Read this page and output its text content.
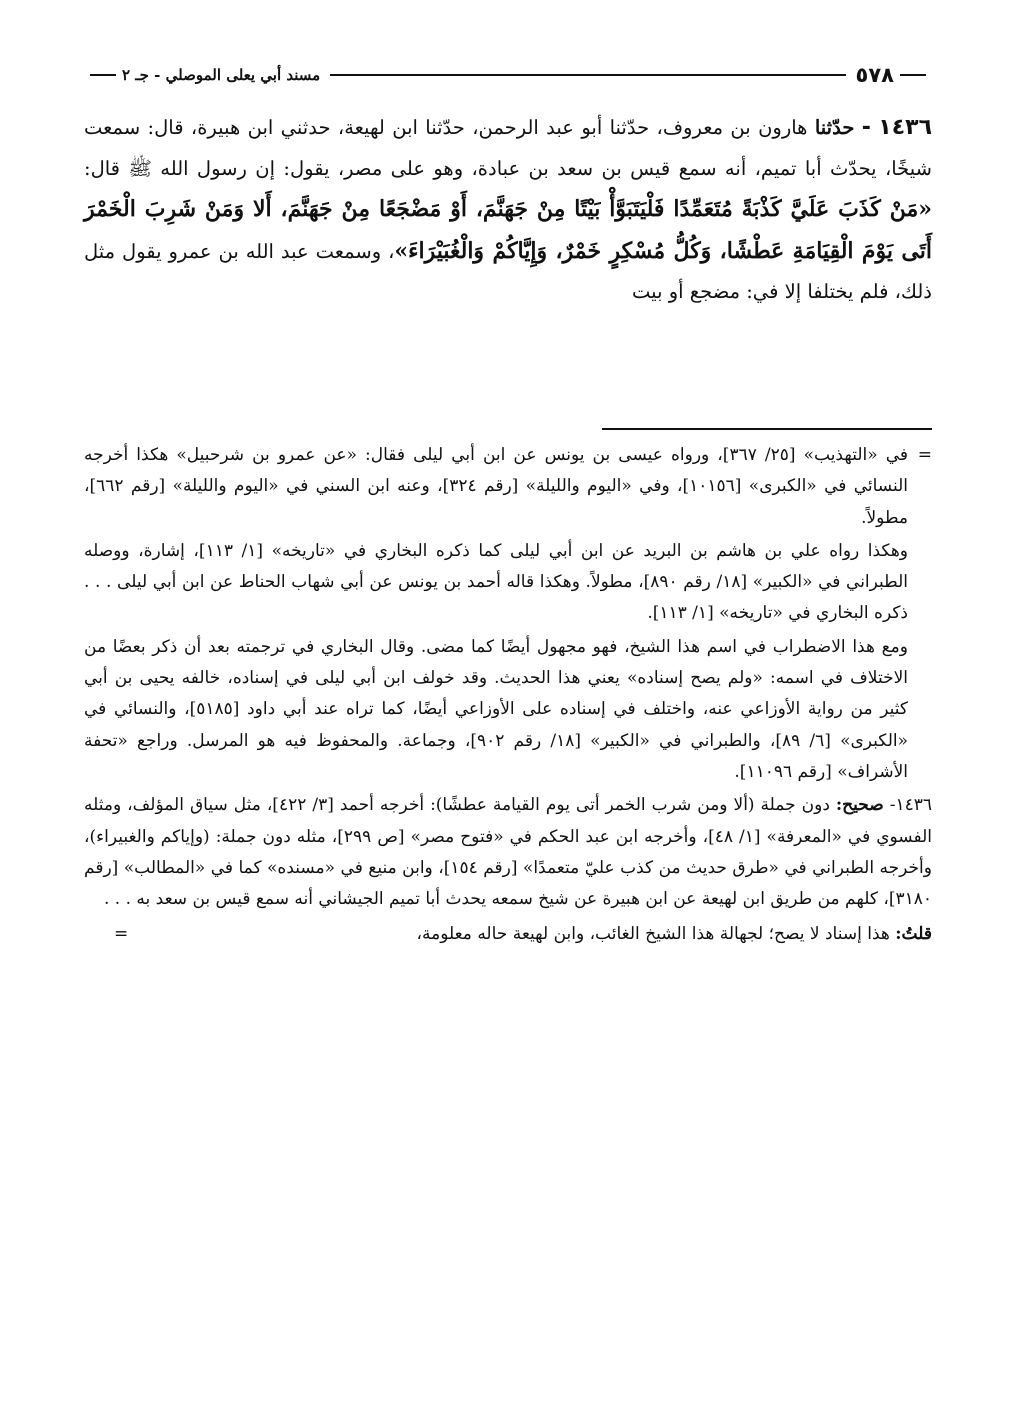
٥٧٨
مسند أبي يعلى الموصلي - جـ ٢

١٤٣٦ - حدّثنا هارون بن معروف، حدّثنا أبو عبد الرحمن، حدّثنا ابن لهيعة، حدثني ابن هبيرة، قال: سمعت شيخًا، يحدّث أبا تميم، أنه سمع قيس بن سعد بن عبادة، وهو على مصر، يقول: إن رسول الله ﷺ قال: «مَنْ كَذَبَ عَلَيَّ كَذْبَةً مُتَعَمِّدًا فَلْيَتَبَوَّأْ بَيْتًا مِنْ جَهَنَّمَ، أَوْ مَضْجَعًا مِنْ جَهَنَّمَ، أَلا وَمَنْ شَرِبَ الْخَمْرَ أَتَى يَوْمَ الْقِيَامَةِ عَطْشًا، وَكُلُّ مُسْكِرٍ خَمْرٌ، وَإِيَّاكُمْ وَالْغُبَيْرَاءَ»، وسمعت عبد الله بن عمرو يقول مثل ذلك، فلم يختلفا إلا في: مضجع أو بيت

=
في «التهذيب» [٢٥/ ٣٦٧]، ورواه عيسى بن يونس عن ابن أبي ليلى فقال: «عن عمرو بن شرحبيل» هكذا أخرجه النسائي في «الكبرى» [١٠١٥٦]، وفي «اليوم والليلة» [رقم ٣٢٤]، وعنه ابن السني في «اليوم والليلة» [رقم ٦٦٢]، مطولاً.

وهكذا رواه علي بن هاشم بن البريد عن ابن أبي ليلى كما ذكره البخاري في «تاريخه» [١/ ١١٣]، إشارة، ووصله الطبراني في «الكبير» [١٨/ رقم ٨٩٠]، مطولاً. وهكذا قاله أحمد بن يونس عن أبي شهاب الحناط عن ابن أبي ليلى . . . ذكره البخاري في «تاريخه» [١/ ١١٣].

ومع هذا الاضطراب في اسم هذا الشيخ، فهو مجهول أيضًا كما مضى. وقال البخاري في ترجمته بعد أن ذكر بعضًا من الاختلاف في اسمه: «ولم يصح إسناده» يعني هذا الحديث. وقد خولف ابن أبي ليلى في إسناده، خالفه يحيى بن أبي كثير من رواية الأوزاعي عنه، واختلف في إسناده على الأوزاعي أيضًا، كما تراه عند أبي داود [٥١٨٥]، والنسائي في «الكبرى» [٦/ ٨٩]، والطبراني في «الكبير» [١٨/ رقم ٩٠٢]، وجماعة. والمحفوظ فيه هو المرسل. وراجع «تحفة الأشراف» [رقم ١١٠٩٦].

١٤٣٦- صحيح: دون جملة (ألا ومن شرب الخمر أتى يوم القيامة عطشًا): أخرجه أحمد [٣/ ٤٢٢]، مثل سياق المؤلف، ومثله الفسوي في «المعرفة» [١/ ٤٨]، وأخرجه ابن عبد الحكم في «فتوح مصر» [ص ٢٩٩]، مثله دون جملة: (وإياكم والغبيراء)، وأخرجه الطبراني في «طرق حديث من كذب عليّ متعمدًا» [رقم ١٥٤]، وابن منيع في «مسنده» كما في «المطالب» [رقم ٣١٨٠]، كلهم من طريق ابن لهيعة عن ابن هبيرة عن شيخ سمعه يحدث أبا تميم الجيشاني أنه سمع قيس بن سعد به . . .

قلتُ: هذا إسناد لا يصح؛ لجهالة هذا الشيخ الغائب، وابن لهيعة حاله معلومة،
=
